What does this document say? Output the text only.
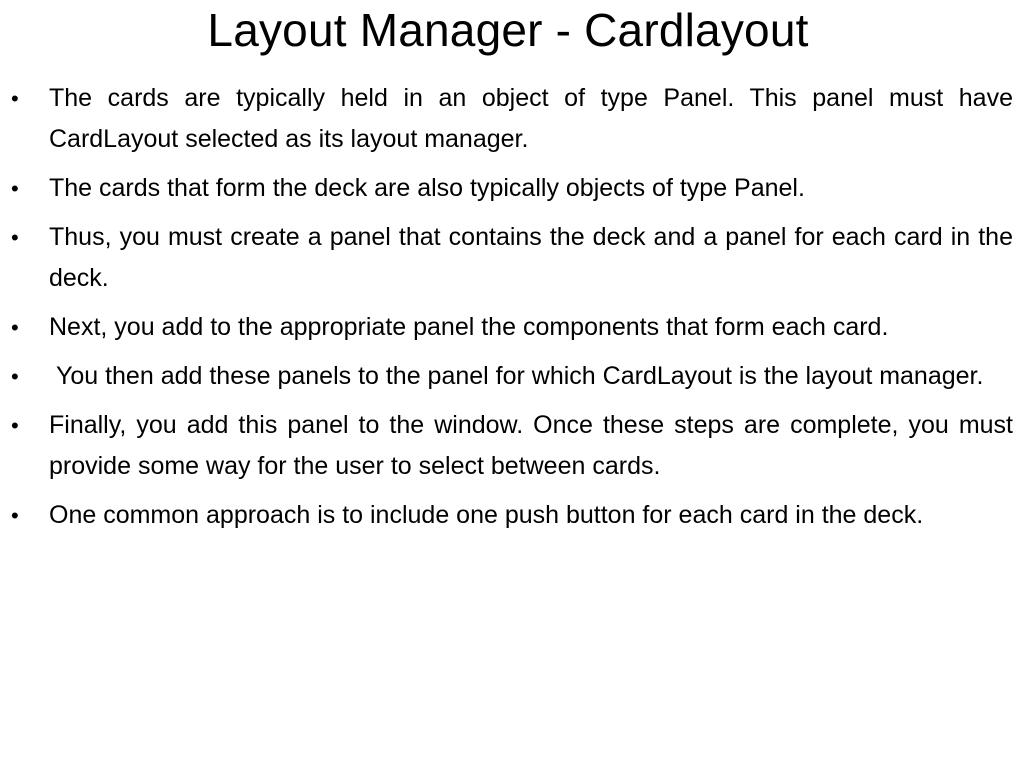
Layout Manager - Cardlayout
• The cards are typically held in an object of type Panel. This panel must have CardLayout selected as its layout manager.
• The cards that form the deck are also typically objects of type Panel.
• Thus, you must create a panel that contains the deck and a panel for each card in the deck.
• Next, you add to the appropriate panel the components that form each card.
• You then add these panels to the panel for which CardLayout is the layout manager.
• Finally, you add this panel to the window. Once these steps are complete, you must provide some way for the user to select between cards.
• One common approach is to include one push button for each card in the deck.
